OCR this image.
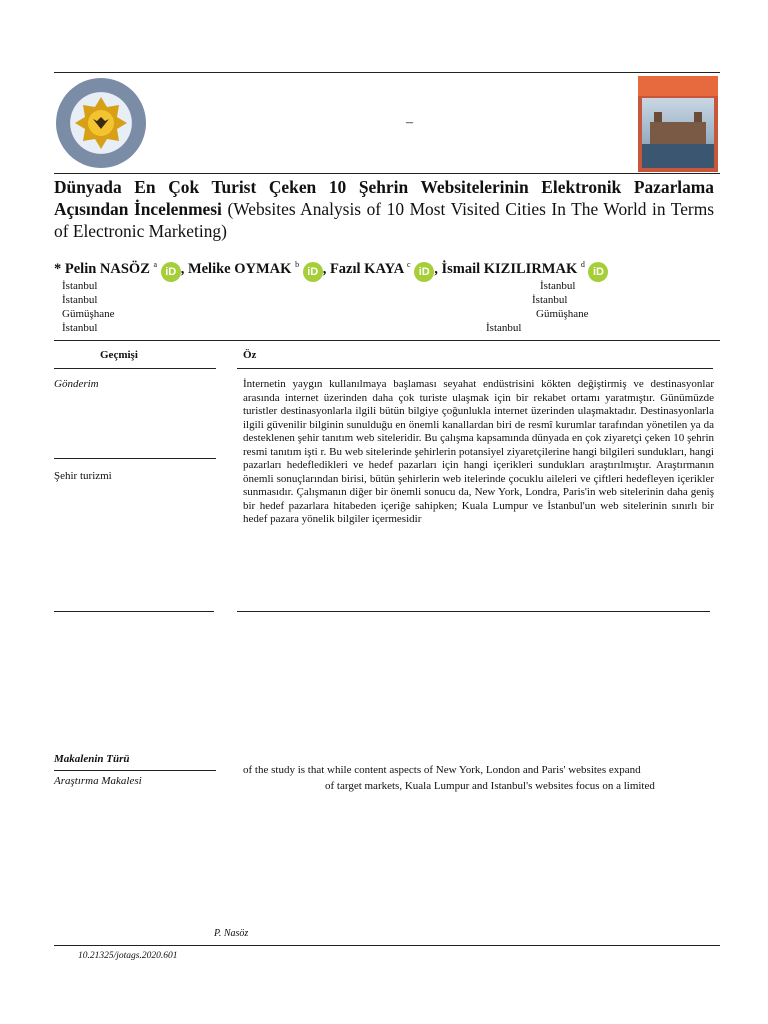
–
Dünyada En Çok Turist Çeken 10 Şehrin Websitelerinin Elektronik Pazarlama Açısından İncelenmesi (Websites Analysis of 10 Most Visited Cities In The World in Terms of Electronic Marketing)
* Pelin NASÖZ $^a$ iD , Melike OYMAK $^b$ iD , Fazıl KAYA $^c$ iD , İsmail KIZILIRMAK $^d$ iD
İstanbul
İstanbul
Gümüşhane
İstanbul
İstanbul
İstanbul
Gümüşhane
İstanbul
Geçmişi	Öz
Gönderim
Şehir turizmi
İnternetin yaygın kullanılmaya başlaması seyahat endüstrisini kökten değiştirmiş ve destinasyonlar arasında internet üzerinden daha çok turiste ulaşmak için bir rekabet ortamı yaratmıştır. Günümüzde turistler destinasyonlarla ilgili bütün bilgiye çoğunlukla internet üzerinden ulaşmaktadır. Destinasyonlarla ilgili güvenilir bilginin sunulduğu en önemli kanallardan biri de resmî kurumlar tarafından yönetilen ya da desteklenen şehir tanıtım web siteleridir. Bu çalışma kapsamında dünyada en çok ziyaretçi çeken 10 şehrin resmi tanıtım işti r. Bu web sitelerinde şehirlerin potansiyel ziyaretçilerine hangi bilgileri sundukları, hangi pazarları hedefledikleri ve hedef pazarları için hangi içerikleri sundukları araştırılmıştır. Araştırmanın önemli sonuçlarından birisi, bütün şehirlerin web itelerinde çocuklu aileleri ve çiftleri hedefleyen içerikler sunmasıdır. Çalışmanın diğer bir önemli sonucu da, New York, Londra, Paris'in web sitelerinin daha geniş bir hedef pazarlara hitabeden içeriğe sahipken; Kuala Lumpur ve İstanbul'un web sitelerinin sınırlı bir hedef pazara yönelik bilgiler içermesidir
Makalenin Türü
Araştırma Makalesi
of the study is that while content aspects of New York, London and Paris' websites expand
of target markets, Kuala Lumpur and Istanbul's websites focus on a limited
P. Nasöz
10.21325/jotags.2020.601
